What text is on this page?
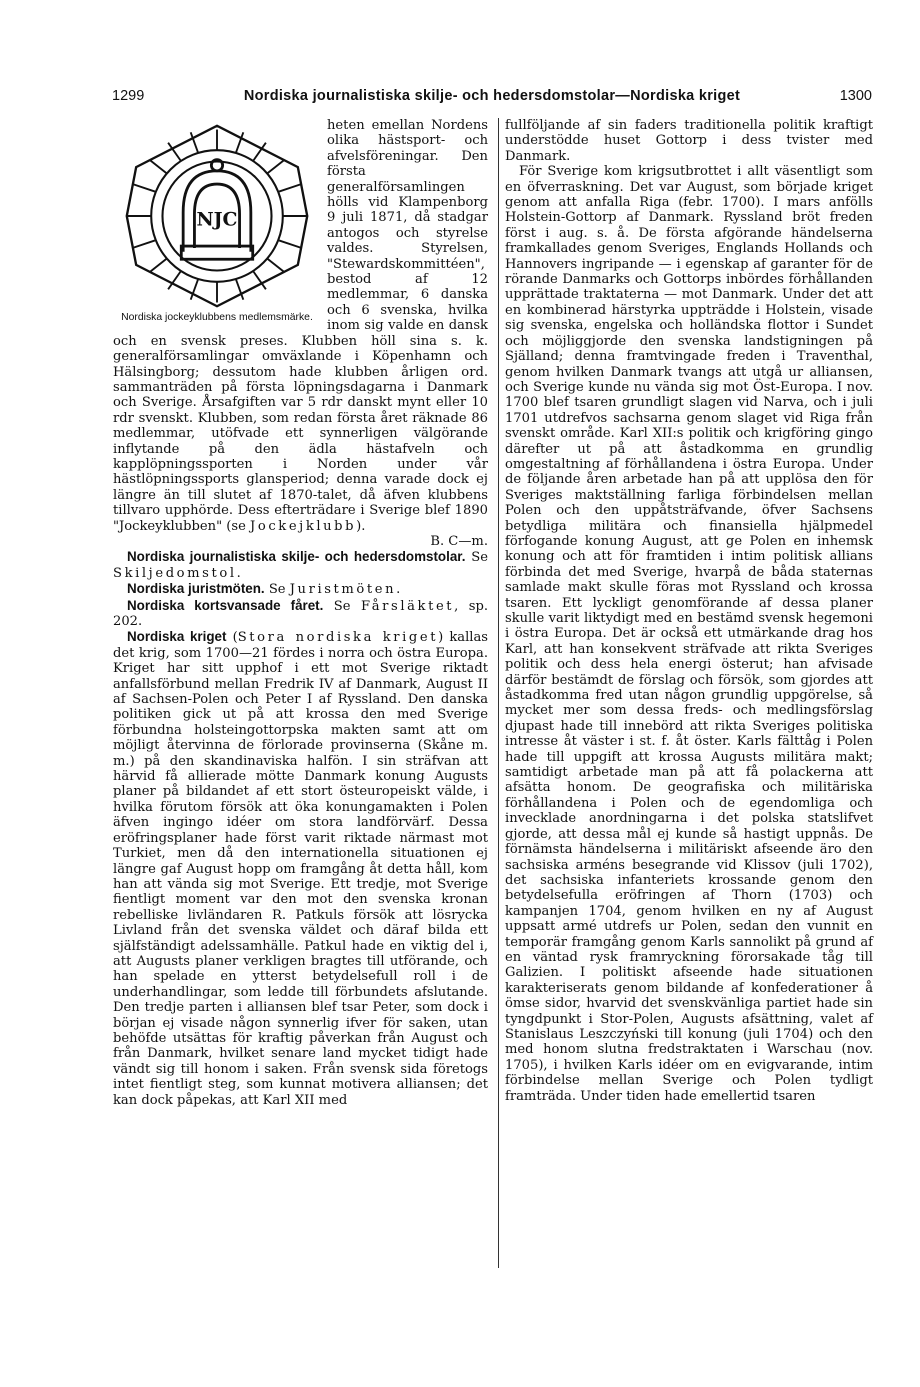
1299	Nordiska journalistiska skilje- och hedersdomstolar—Nordiska kriget	1300
NJC
Nordiska jockeyklubbens medlemsmärke.

heten emellan Nordens olika hästsport- och afvelsföreningar. Den första generalförsamlingen hölls vid Klampenborg 9 juli 1871, då stadgar antogos och styrelse valdes. Styrelsen, "Stewardskommittéen", bestod af 12 medlemmar, 6 danska och 6 svenska, hvilka inom sig valde en dansk och en svensk preses. Klubben höll sina s. k. generalförsamlingar omväxlande i Köpenhamn och Hälsingborg; dessutom hade klubben årligen ord. sammanträden på första löpningsdagarna i Danmark och Sverige. Årsafgiften var 5 rdr danskt mynt eller 10 rdr svenskt. Klubben, som redan första året räknade 86 medlemmar, utöfvade ett synnerligen välgörande inflytande på den ädla hästafveln och kapplöpningssporten i Norden under vår hästlöpningssports glansperiod; denna varade dock ej längre än till slutet af 1870-talet, då äfven klubbens tillvaro upphörde. Dess efterträdare i Sverige blef 1890 "Jockeyklubben" (se Jockejklubb).
B. C—m.

Nordiska journalistiska skilje- och hedersdomstolar. Se Skiljedomstol.

Nordiska juristmöten. Se Juristmöten.

Nordiska kortsvansade fåret. Se Fårsläktet, sp. 202.

Nordiska kriget (Stora nordiska kriget) kallas det krig, som 1700—21 fördes i norra och östra Europa. Kriget har sitt upphof i ett mot Sverige riktadt anfallsförbund mellan Fredrik IV af Danmark, August II af Sachsen-Polen och Peter I af Ryssland. Den danska politiken gick ut på att krossa den med Sverige förbundna holsteingottorpska makten samt att om möjligt återvinna de förlorade provinserna (Skåne m. m.) på den skandinaviska halfön. I sin sträfvan att härvid få allierade mötte Danmark konung Augusts planer på bildandet af ett stort östeuropeiskt välde, i hvilka förutom försök att öka konungamakten i Polen äfven ingingo idéer om stora landförvärf. Dessa eröfringsplaner hade först varit riktade närmast mot Turkiet, men då den internationella situationen ej längre gaf August hopp om framgång åt detta håll, kom han att vända sig mot Sverige. Ett tredje, mot Sverige fientligt moment var den mot den svenska kronan rebelliske livländaren R. Patkuls försök att lösrycka Livland från det svenska väldet och däraf bilda ett själfständigt adelssamhälle. Patkul hade en viktig del i, att Augusts planer verkligen bragtes till utförande, och han spelade en ytterst betydelsefull roll i de underhandlingar, som ledde till förbundets afslutande. Den tredje parten i alliansen blef tsar Peter, som dock i början ej visade någon synnerlig ifver för saken, utan behöfde utsättas för kraftig påverkan från August och från Danmark, hvilket senare land mycket tidigt hade vändt sig till honom i saken. Från svensk sida företogs intet fientligt steg, som kunnat motivera alliansen; det kan dock påpekas, att Karl XII med

fullföljande af sin faders traditionella politik kraftigt understödde huset Gottorp i dess tvister med Danmark.

För Sverige kom krigsutbrottet i allt väsentligt som en öfverraskning. Det var August, som började kriget genom att anfalla Riga (febr. 1700). I mars anfölls Holstein-Gottorp af Danmark. Ryssland bröt freden först i aug. s. å. De första afgörande händelserna framkallades genom Sveriges, Englands Hollands och Hannovers ingripande — i egenskap af garanter för de rörande Danmarks och Gottorps inbördes förhållanden upprättade traktaterna — mot Danmark. Under det att en kombinerad härstyrka uppträdde i Holstein, visade sig svenska, engelska och holländska flottor i Sundet och möjliggjorde den svenska landstigningen på Själland; denna framtvingade freden i Traventhal, genom hvilken Danmark tvangs att utgå ur alliansen, och Sverige kunde nu vända sig mot Öst-Europa. I nov. 1700 blef tsaren grundligt slagen vid Narva, och i juli 1701 utdrefvos sachsarna genom slaget vid Riga från svenskt område. Karl XII:s politik och krigföring gingo därefter ut på att åstadkomma en grundlig omgestaltning af förhållandena i östra Europa. Under de följande åren arbetade han på att upplösa den för Sveriges maktställning farliga förbindelsen mellan Polen och den uppåtsträfvande, öfver Sachsens betydliga militära och finansiella hjälpmedel förfogande konung August, att ge Polen en inhemsk konung och att för framtiden i intim politisk allians förbinda det med Sverige, hvarpå de båda staternas samlade makt skulle föras mot Ryssland och krossa tsaren. Ett lyckligt genomförande af dessa planer skulle varit liktydigt med en bestämd svensk hegemoni i östra Europa. Det är också ett utmärkande drag hos Karl, att han konsekvent sträfvade att rikta Sveriges politik och dess hela energi österut; han afvisade därför bestämdt de förslag och försök, som gjordes att åstadkomma fred utan någon grundlig uppgörelse, så mycket mer som dessa freds- och medlingsförslag djupast hade till innebörd att rikta Sveriges politiska intresse åt väster i st. f. åt öster. Karls fälttåg i Polen hade till uppgift att krossa Augusts militära makt; samtidigt arbetade man på att få polackerna att afsätta honom. De geografiska och militäriska förhållandena i Polen och de egendomliga och invecklade anordningarna i det polska statslifvet gjorde, att dessa mål ej kunde så hastigt uppnås. De förnämsta händelserna i militäriskt afseende äro den sachsiska arméns besegrande vid Klissov (juli 1702), det sachsiska infanteriets krossande genom den betydelsefulla eröfringen af Thorn (1703) och kampanjen 1704, genom hvilken en ny af August uppsatt armé utdrefs ur Polen, sedan den vunnit en temporär framgång genom Karls sannolikt på grund af en väntad rysk framryckning förorsakade tåg till Galizien. I politiskt afseende hade situationen karakteriserats genom bildande af konfederationer å ömse sidor, hvarvid det svenskvänliga partiet hade sin tyngdpunkt i Stor-Polen, Augusts afsättning, valet af Stanislaus Leszczyński till konung (juli 1704) och den med honom slutna fredstraktaten i Warschau (nov. 1705), i hvilken Karls idéer om en evigvarande, intim förbindelse mellan Sverige och Polen tydligt framträda. Under tiden hade emellertid tsaren
